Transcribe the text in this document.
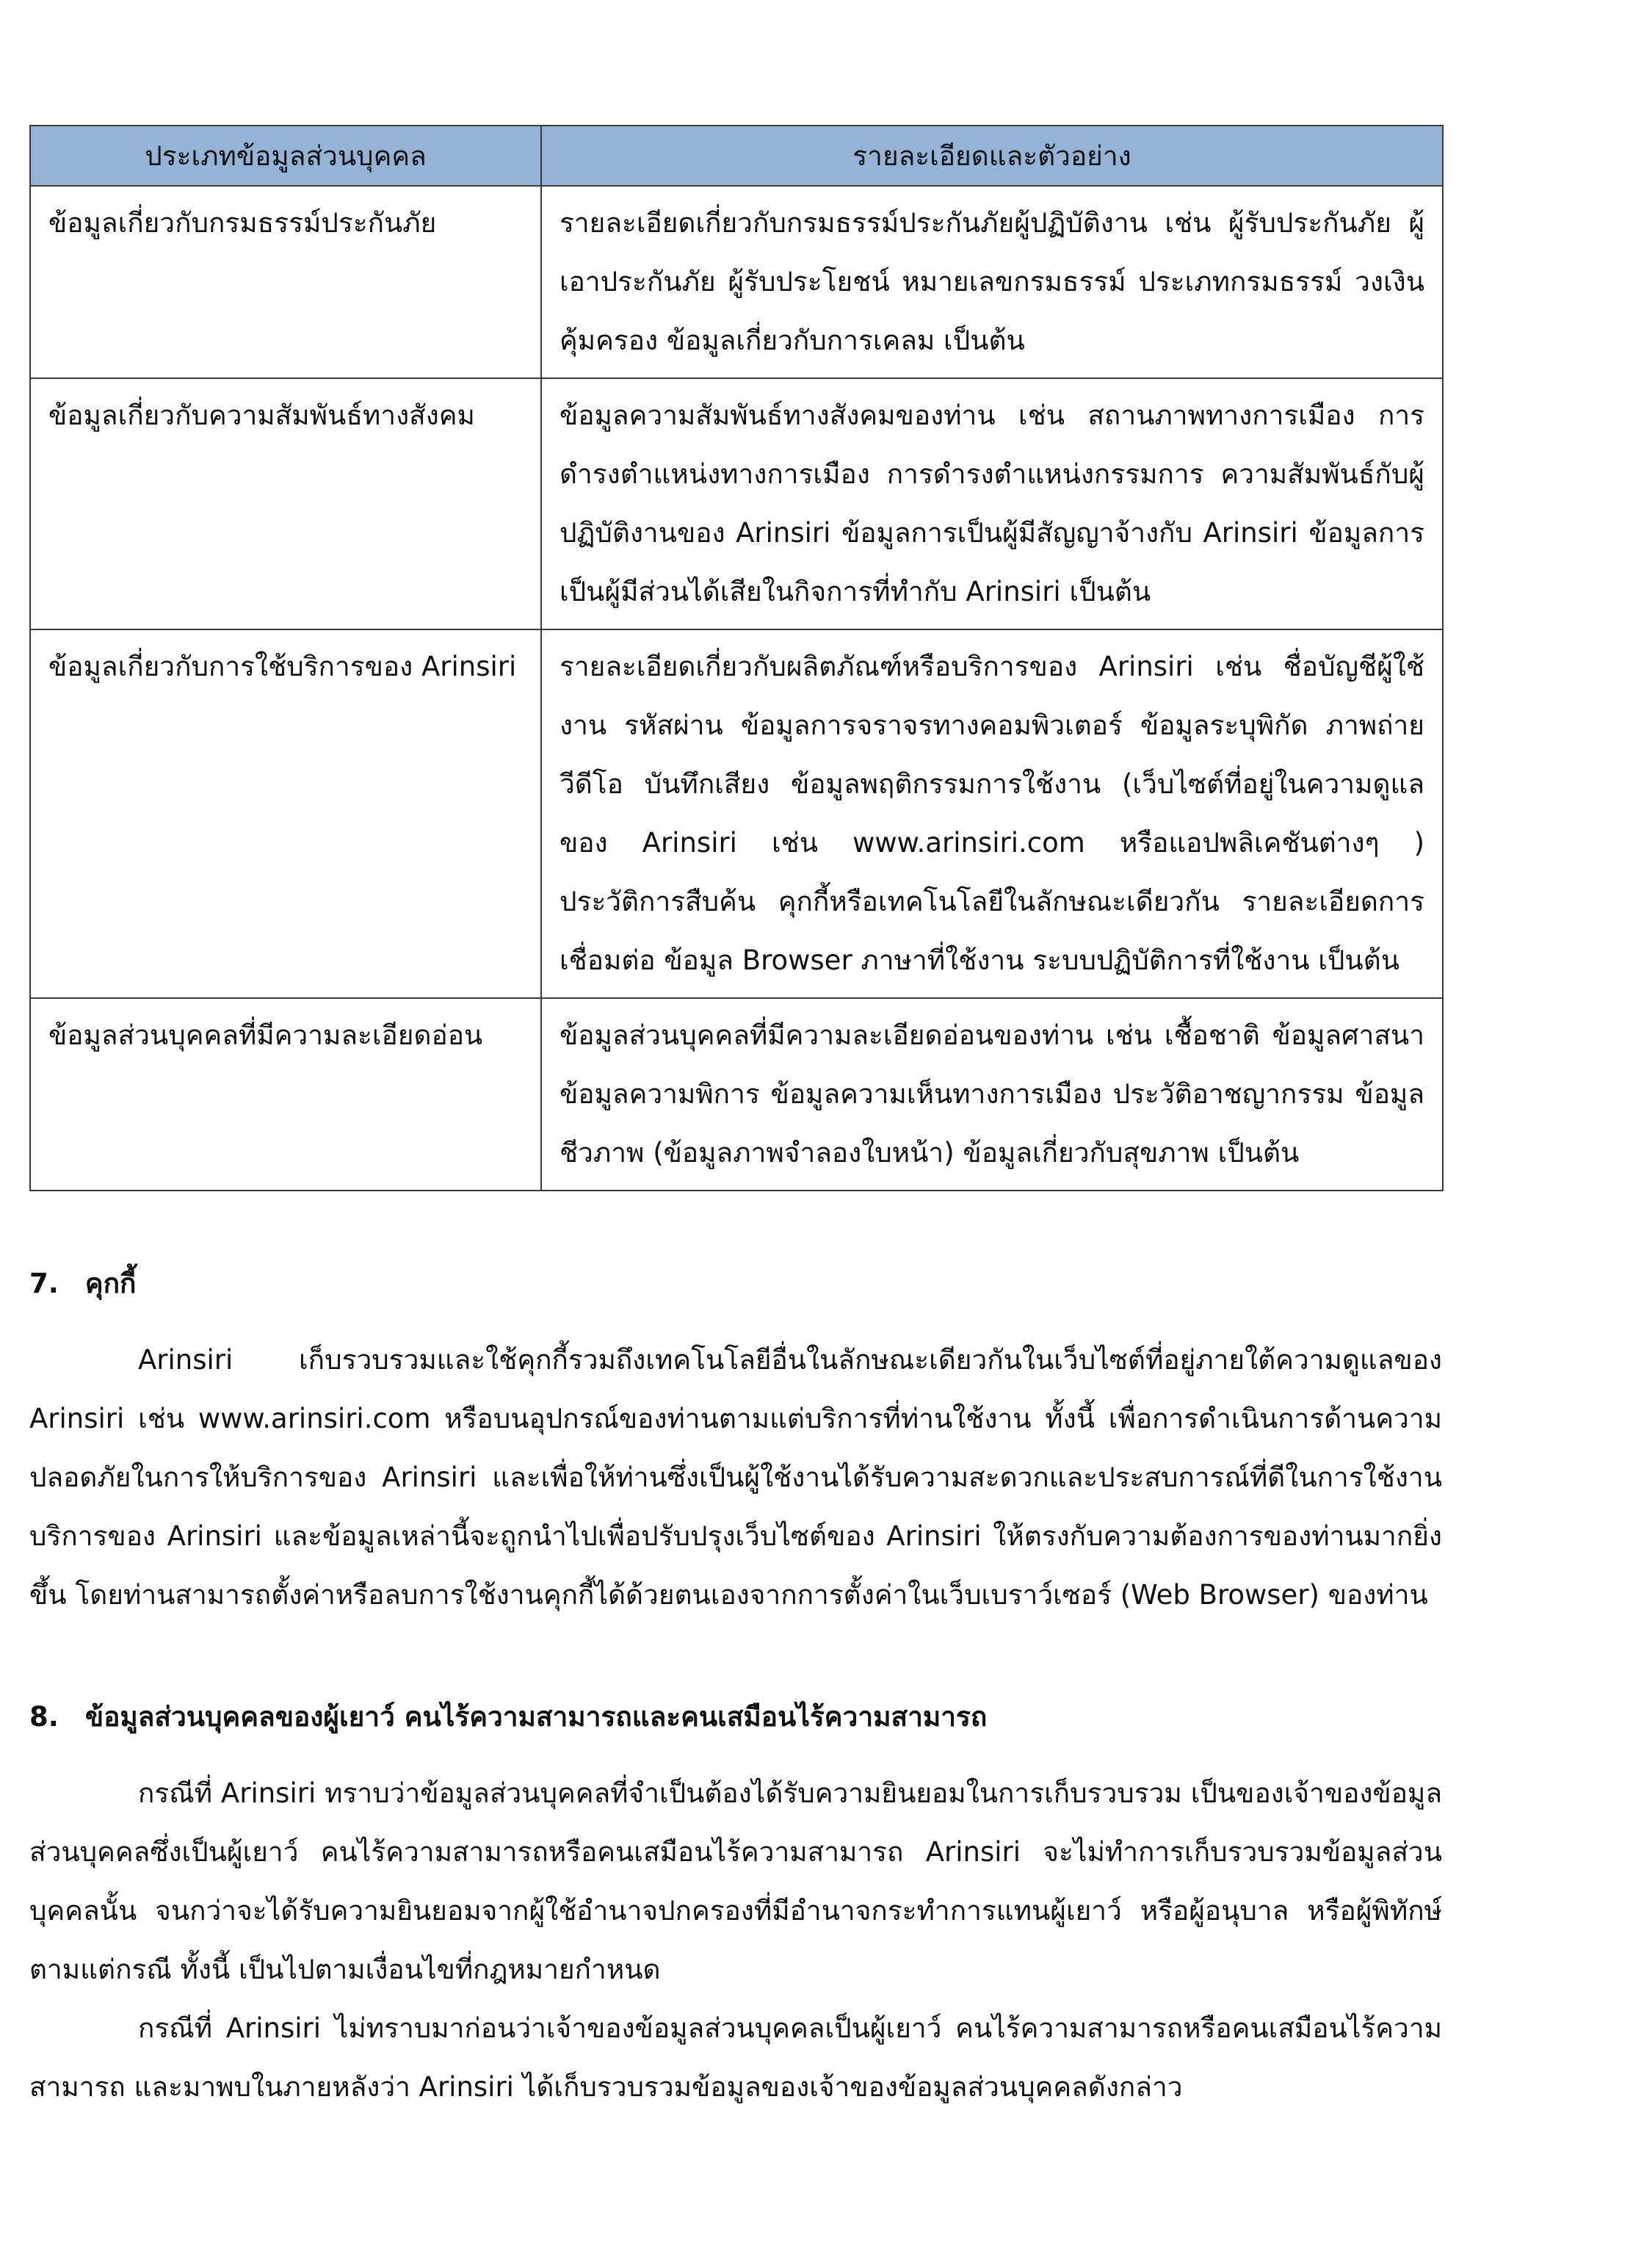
ประเภทข้อมูลส่วนบุคคล	รายละเอียดและตัวอย่าง
ข้อมูลเกี่ยวกับกรมธรรม์ประกันภัย	รายละเอียดเกี่ยวกับกรมธรรม์ประกันภัยผู้ปฏิบัติงาน เช่น ผู้รับประกันภัย ผู้เอาประกันภัย ผู้รับประโยชน์ หมายเลขกรมธรรม์ ประเภทกรมธรรม์ วงเงินคุ้มครอง ข้อมูลเกี่ยวกับการเคลม เป็นต้น
ข้อมูลเกี่ยวกับความสัมพันธ์ทางสังคม	ข้อมูลความสัมพันธ์ทางสังคมของท่าน เช่น สถานภาพทางการเมือง การดำรงตำแหน่งทางการเมือง การดำรงตำแหน่งกรรมการ ความสัมพันธ์กับผู้ปฏิบัติงานของ Arinsiri ข้อมูลการเป็นผู้มีสัญญาจ้างกับ Arinsiri ข้อมูลการเป็นผู้มีส่วนได้เสียในกิจการที่ทำกับ Arinsiri เป็นต้น
ข้อมูลเกี่ยวกับการใช้บริการของ Arinsiri	รายละเอียดเกี่ยวกับผลิตภัณฑ์หรือบริการของ Arinsiri เช่น ชื่อบัญชีผู้ใช้งาน รหัสผ่าน ข้อมูลการจราจรทางคอมพิวเตอร์ ข้อมูลระบุพิกัด ภาพถ่าย วีดีโอ บันทึกเสียง ข้อมูลพฤติกรรมการใช้งาน (เว็บไซต์ที่อยู่ในความดูแลของ Arinsiri เช่น www.arinsiri.com หรือแอปพลิเคชันต่างๆ ) ประวัติการสืบค้น คุกกี้หรือเทคโนโลยีในลักษณะเดียวกัน รายละเอียดการเชื่อมต่อ ข้อมูล Browser ภาษาที่ใช้งาน ระบบปฏิบัติการที่ใช้งาน เป็นต้น
ข้อมูลส่วนบุคคลที่มีความละเอียดอ่อน	ข้อมูลส่วนบุคคลที่มีความละเอียดอ่อนของท่าน เช่น เชื้อชาติ ข้อมูลศาสนา ข้อมูลความพิการ ข้อมูลความเห็นทางการเมือง ประวัติอาชญากรรม ข้อมูลชีวภาพ (ข้อมูลภาพจำลองใบหน้า) ข้อมูลเกี่ยวกับสุขภาพ เป็นต้น
7. คุกกี้

Arinsiri เก็บรวบรวมและใช้คุกกี้รวมถึงเทคโนโลยีอื่นในลักษณะเดียวกันในเว็บไซต์ที่อยู่ภายใต้ความดูแลของ Arinsiri เช่น www.arinsiri.com หรือบนอุปกรณ์ของท่านตามแต่บริการที่ท่านใช้งาน ทั้งนี้ เพื่อการดำเนินการด้านความปลอดภัยในการให้บริการของ Arinsiri และเพื่อให้ท่านซึ่งเป็นผู้ใช้งานได้รับความสะดวกและประสบการณ์ที่ดีในการใช้งานบริการของ Arinsiri และข้อมูลเหล่านี้จะถูกนำไปเพื่อปรับปรุงเว็บไซต์ของ Arinsiri ให้ตรงกับความต้องการของท่านมากยิ่งขึ้น โดยท่านสามารถตั้งค่าหรือลบการใช้งานคุกกี้ได้ด้วยตนเองจากการตั้งค่าในเว็บเบราว์เซอร์ (Web Browser) ของท่าน

8. ข้อมูลส่วนบุคคลของผู้เยาว์ คนไร้ความสามารถและคนเสมือนไร้ความสามารถ

กรณีที่ Arinsiri ทราบว่าข้อมูลส่วนบุคคลที่จำเป็นต้องได้รับความยินยอมในการเก็บรวบรวม เป็นของเจ้าของข้อมูลส่วนบุคคลซึ่งเป็นผู้เยาว์ คนไร้ความสามารถหรือคนเสมือนไร้ความสามารถ Arinsiri จะไม่ทำการเก็บรวบรวมข้อมูลส่วนบุคคลนั้น จนกว่าจะได้รับความยินยอมจากผู้ใช้อำนาจปกครองที่มีอำนาจกระทำการแทนผู้เยาว์ หรือผู้อนุบาล หรือผู้พิทักษ์ตามแต่กรณี ทั้งนี้ เป็นไปตามเงื่อนไขที่กฎหมายกำหนด

กรณีที่ Arinsiri ไม่ทราบมาก่อนว่าเจ้าของข้อมูลส่วนบุคคลเป็นผู้เยาว์ คนไร้ความสามารถหรือคนเสมือนไร้ความสามารถ และมาพบในภายหลังว่า Arinsiri ได้เก็บรวบรวมข้อมูลของเจ้าของข้อมูลส่วนบุคคลดังกล่าว
